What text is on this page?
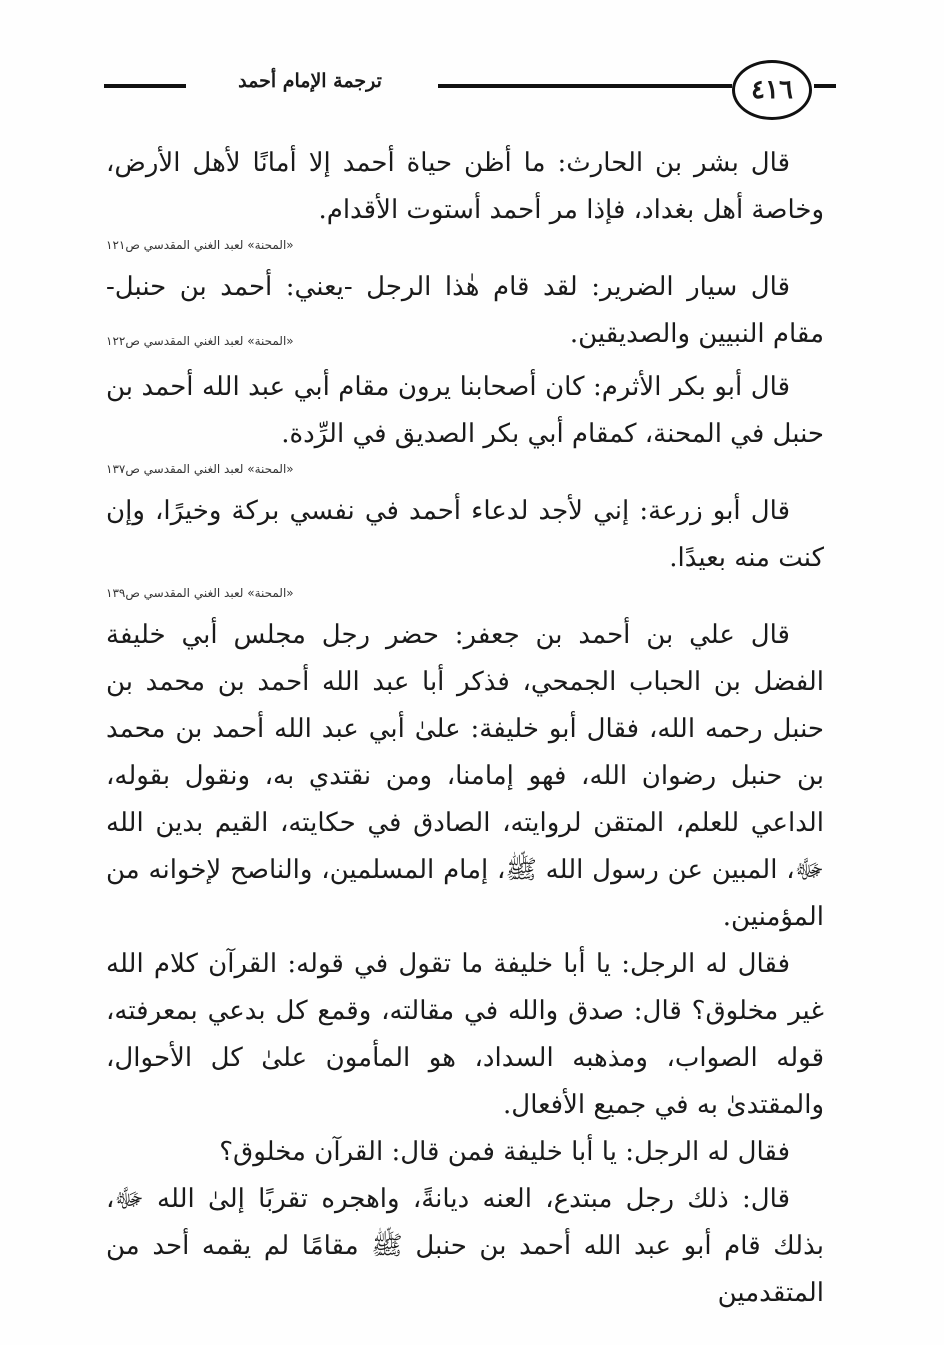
٤١٦
ترجمة الإمام أحمد

قال بشر بن الحارث: ما أظن حياة أحمد إلا أمانًا لأهل الأرض، وخاصة أهل بغداد، فإذا مر أحمد أستوت الأقدام.

«المحنة» لعبد الغني المقدسي ص١٢١

قال سيار الضرير: لقد قام هٰذا الرجل -يعني: أحمد بن حنبل- مقام النبيين والصديقين.

«المحنة» لعبد الغني المقدسي ص١٢٢

قال أبو بكر الأثرم: كان أصحابنا يرون مقام أبي عبد الله أحمد بن حنبل في المحنة، كمقام أبي بكر الصديق في الرِّدة.

«المحنة» لعبد الغني المقدسي ص١٣٧

قال أبو زرعة: إني لأجد لدعاء أحمد في نفسي بركة وخيرًا، وإن كنت منه بعيدًا.

«المحنة» لعبد الغني المقدسي ص١٣٩

قال علي بن أحمد بن جعفر: حضر رجل مجلس أبي خليفة الفضل بن الحباب الجمحي، فذكر أبا عبد الله أحمد بن محمد بن حنبل رحمه الله، فقال أبو خليفة: علىٰ أبي عبد الله أحمد بن محمد بن حنبل رضوان الله، فهو إمامنا، ومن نقتدي به، ونقول بقوله، الداعي للعلم، المتقن لروايته، الصادق في حكايته، القيم بدين الله ﷻ، المبين عن رسول الله ﷺ، إمام المسلمين، والناصح لإخوانه من المؤمنين.

فقال له الرجل: يا أبا خليفة ما تقول في قوله: القرآن كلام الله غير مخلوق؟ قال: صدق والله في مقالته، وقمع كل بدعي بمعرفته، قوله الصواب، ومذهبه السداد، هو المأمون علىٰ كل الأحوال، والمقتدىٰ به في جميع الأفعال.

فقال له الرجل: يا أبا خليفة فمن قال: القرآن مخلوق؟

قال: ذلك رجل مبتدع، العنه ديانةً، واهجره تقربًا إلىٰ الله ﷻ، بذلك قام أبو عبد الله أحمد بن حنبل ﷺ مقامًا لم يقمه أحد من المتقدمين
